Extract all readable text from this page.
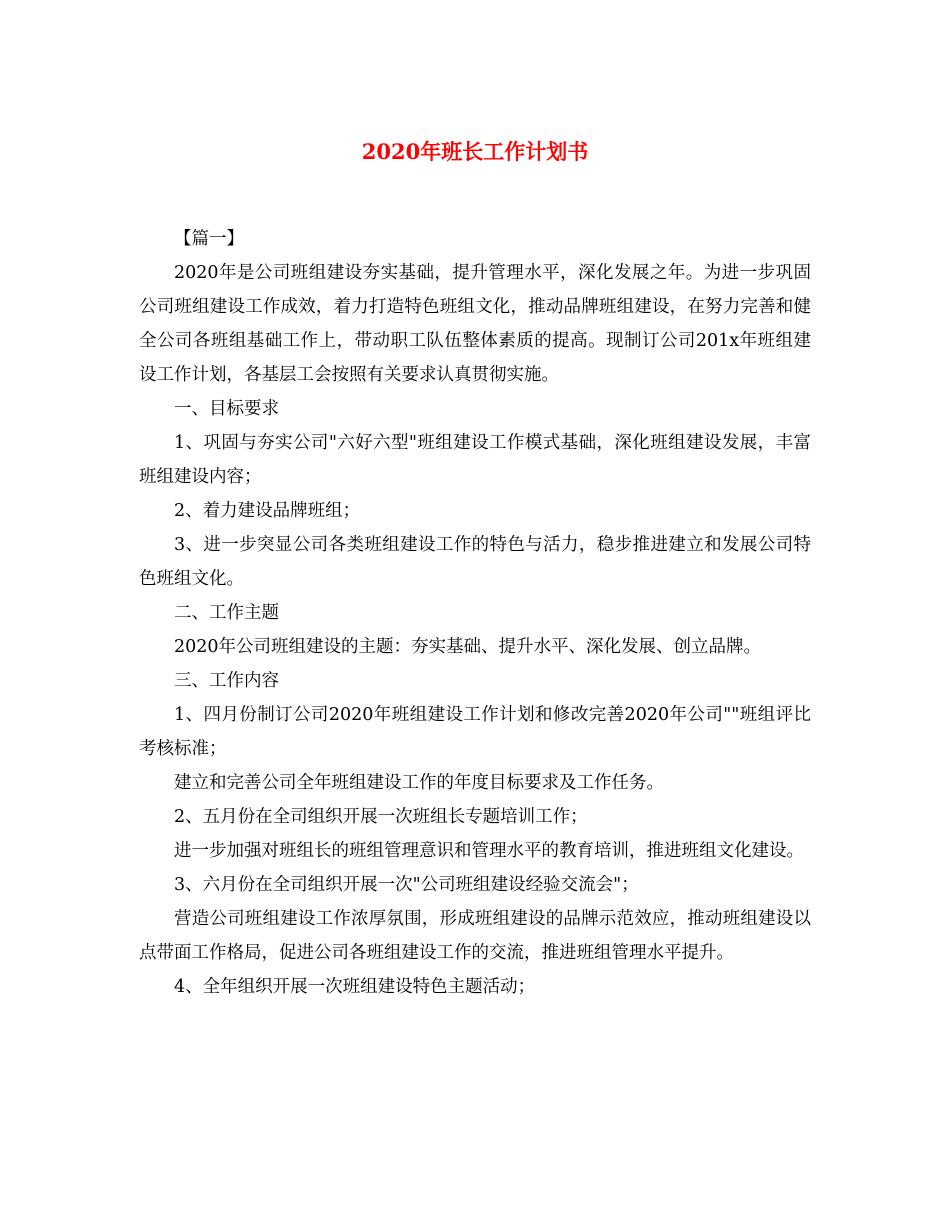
2020年班长工作计划书

【篇一】

2020年是公司班组建设夯实基础，提升管理水平，深化发展之年。为进一步巩固公司班组建设工作成效，着力打造特色班组文化，推动品牌班组建设，在努力完善和健全公司各班组基础工作上，带动职工队伍整体素质的提高。现制订公司201x年班组建设工作计划，各基层工会按照有关要求认真贯彻实施。

一、目标要求

1、巩固与夯实公司"六好六型"班组建设工作模式基础，深化班组建设发展，丰富班组建设内容；

2、着力建设品牌班组；

3、进一步突显公司各类班组建设工作的特色与活力，稳步推进建立和发展公司特色班组文化。

二、工作主题

2020年公司班组建设的主题：夯实基础、提升水平、深化发展、创立品牌。

三、工作内容

1、四月份制订公司2020年班组建设工作计划和修改完善2020年公司""班组评比考核标准；

建立和完善公司全年班组建设工作的年度目标要求及工作任务。

2、五月份在全司组织开展一次班组长专题培训工作；

进一步加强对班组长的班组管理意识和管理水平的教育培训，推进班组文化建设。

3、六月份在全司组织开展一次"公司班组建设经验交流会"；

营造公司班组建设工作浓厚氛围，形成班组建设的品牌示范效应，推动班组建设以点带面工作格局，促进公司各班组建设工作的交流，推进班组管理水平提升。

4、全年组织开展一次班组建设特色主题活动；
